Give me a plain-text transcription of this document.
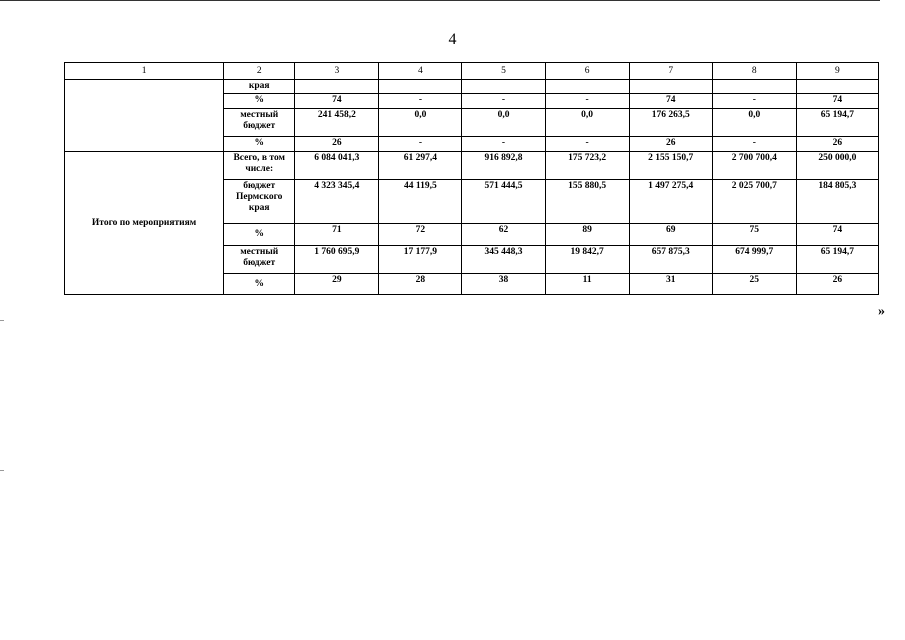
4
1	2	3	4	5	6	7	8	9
	края							
	%	74	-	-	-	74	-	74
	местный бюджет	241 458,2	0,0	0,0	0,0	176 263,5	0,0	65 194,7
	%	26	-	-	-	26	-	26
Итого по мероприятиям	Всего, в том числе:	6 084 041,3	61 297,4	916 892,8	175 723,2	2 155 150,7	2 700 700,4	250 000,0
	бюджет Пермского края	4 323 345,4	44 119,5	571 444,5	155 880,5	1 497 275,4	2 025 700,7	184 805,3
	%	71	72	62	89	69	75	74
	местный бюджет	1 760 695,9	17 177,9	345 448,3	19 842,7	657 875,3	674 999,7	65 194,7
	%	29	28	38	11	31	25	26
»
